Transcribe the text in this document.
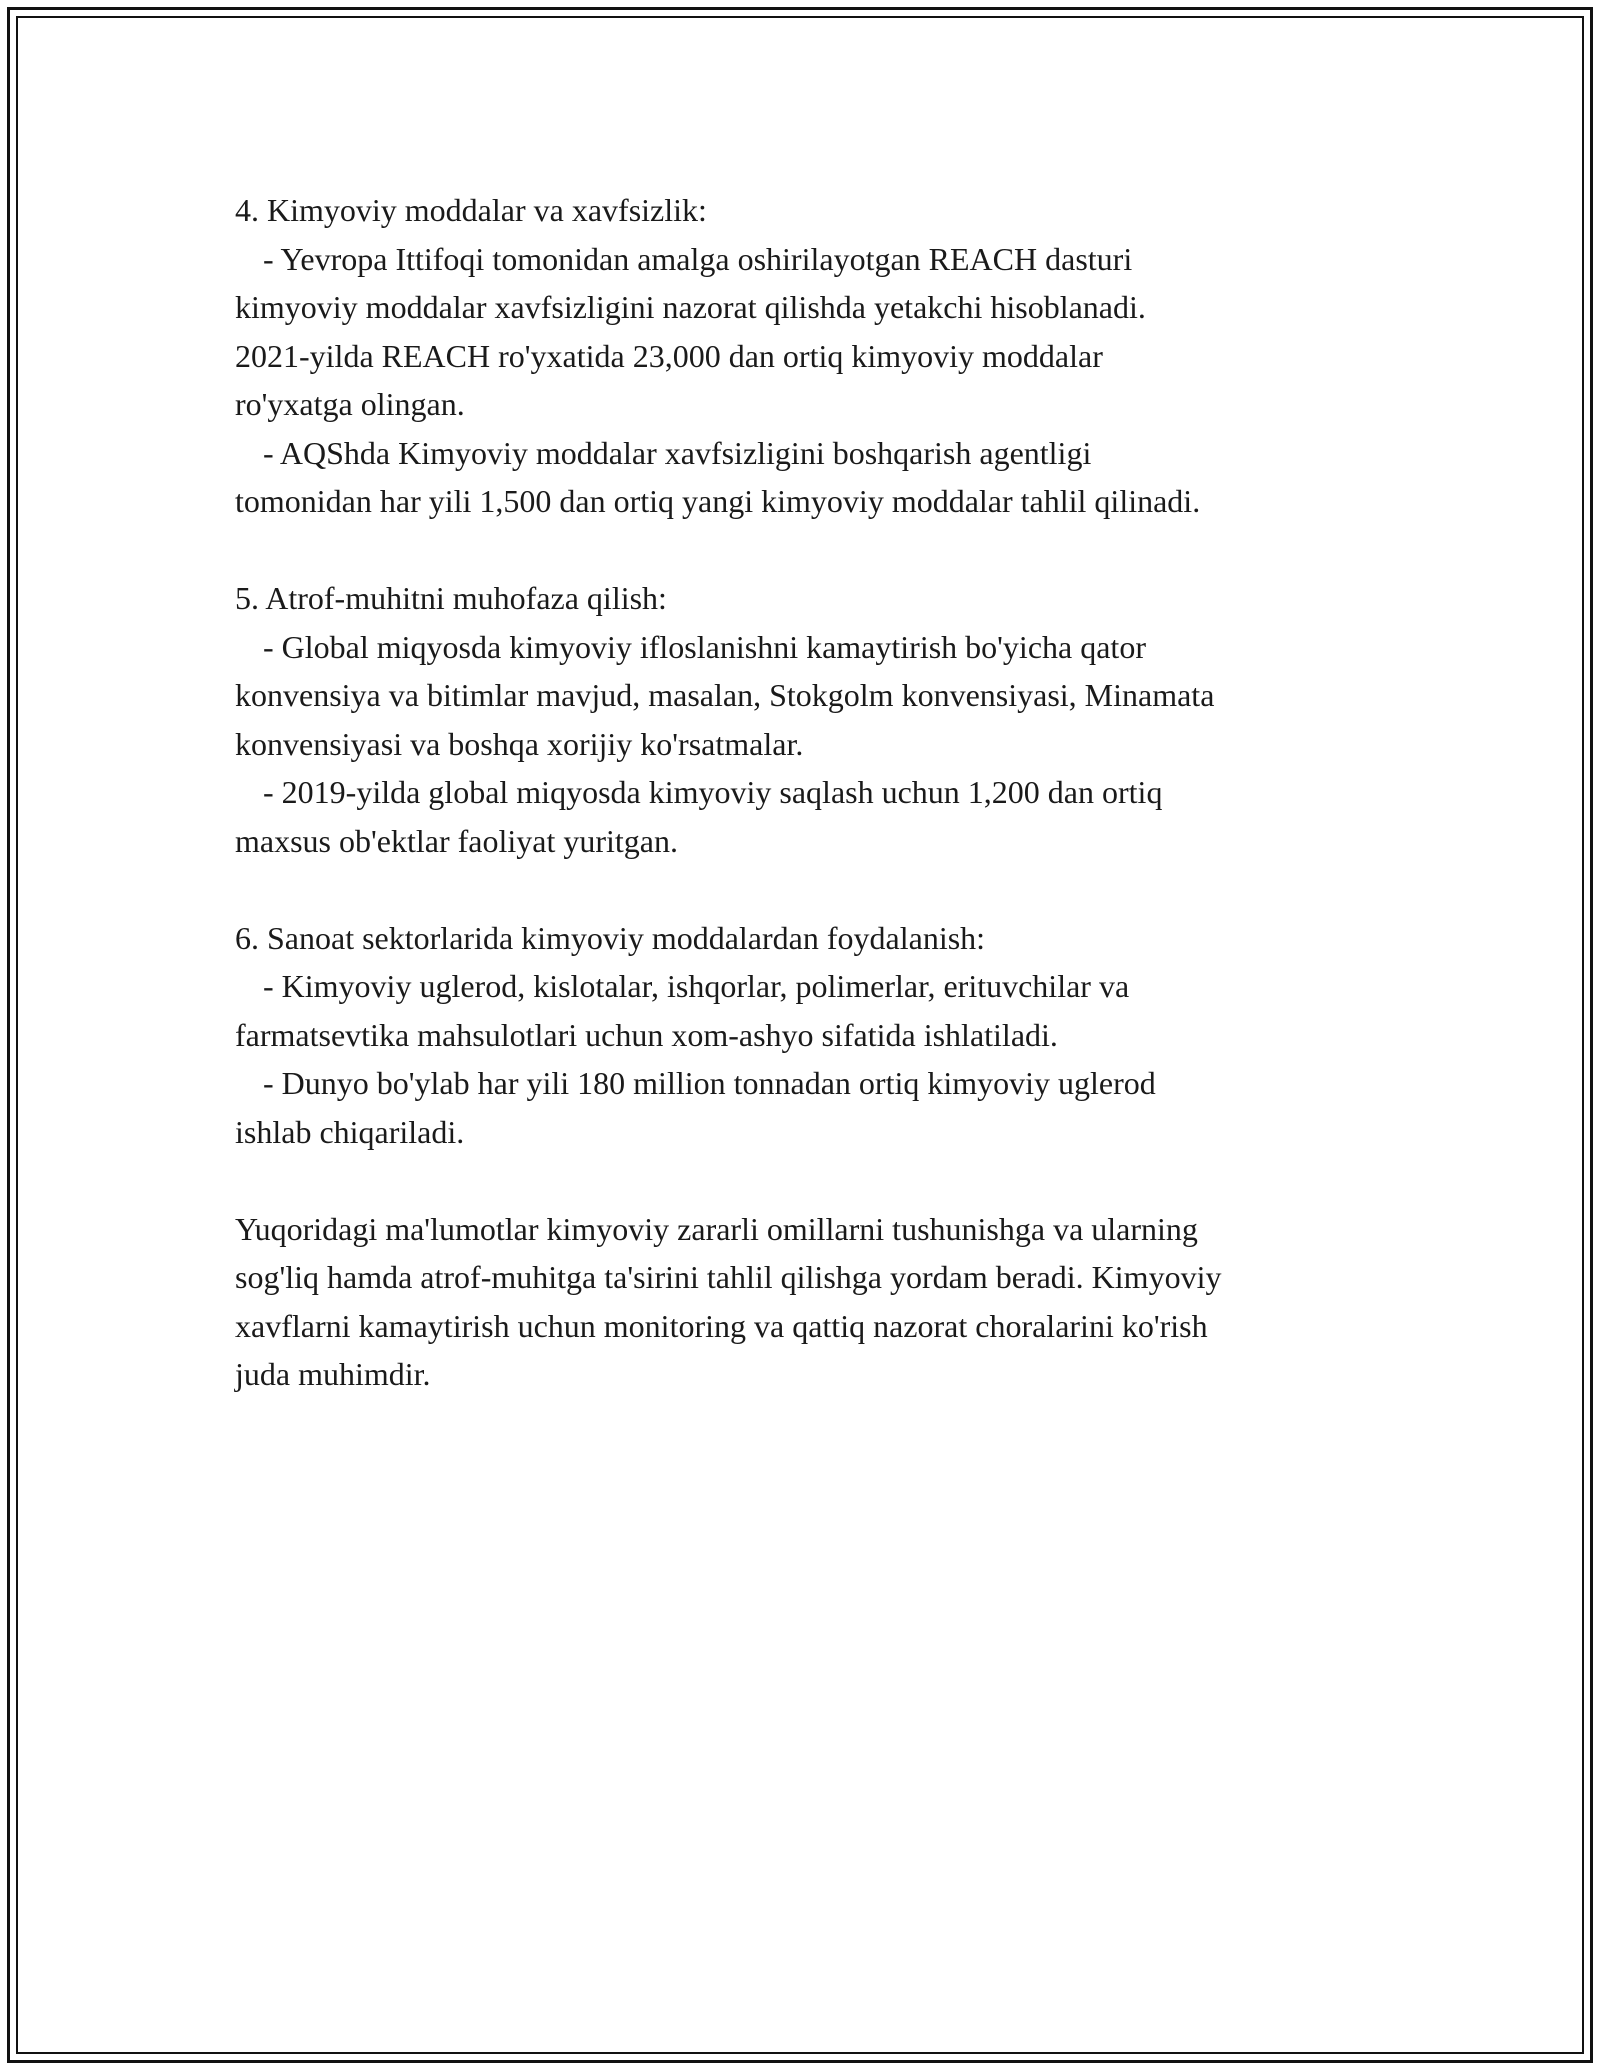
4. Kimyoviy moddalar va xavfsizlik:
- Yevropa Ittifoqi tomonidan amalga oshirilayotgan REACH dasturi
kimyoviy moddalar xavfsizligini nazorat qilishda yetakchi hisoblanadi.
2021-yilda REACH ro'yxatida 23,000 dan ortiq kimyoviy moddalar
ro'yxatga olingan.
- AQShda Kimyoviy moddalar xavfsizligini boshqarish agentligi
tomonidan har yili 1,500 dan ortiq yangi kimyoviy moddalar tahlil qilinadi.
5. Atrof-muhitni muhofaza qilish:
- Global miqyosda kimyoviy ifloslanishni kamaytirish bo'yicha qator
konvensiya va bitimlar mavjud, masalan, Stokgolm konvensiyasi, Minamata
konvensiyasi va boshqa xorijiy ko'rsatmalar.
- 2019-yilda global miqyosda kimyoviy saqlash uchun 1,200 dan ortiq
maxsus ob'ektlar faoliyat yuritgan.
6. Sanoat sektorlarida kimyoviy moddalardan foydalanish:
- Kimyoviy uglerod, kislotalar, ishqorlar, polimerlar, erituvchilar va
farmatsevtika mahsulotlari uchun xom-ashyo sifatida ishlatiladi.
- Dunyo bo'ylab har yili 180 million tonnadan ortiq kimyoviy uglerod
ishlab chiqariladi.
Yuqoridagi ma'lumotlar kimyoviy zararli omillarni tushunishga va ularning
sog'liq hamda atrof-muhitga ta'sirini tahlil qilishga yordam beradi. Kimyoviy
xavflarni kamaytirish uchun monitoring va qattiq nazorat choralarini ko'rish
juda muhimdir.
